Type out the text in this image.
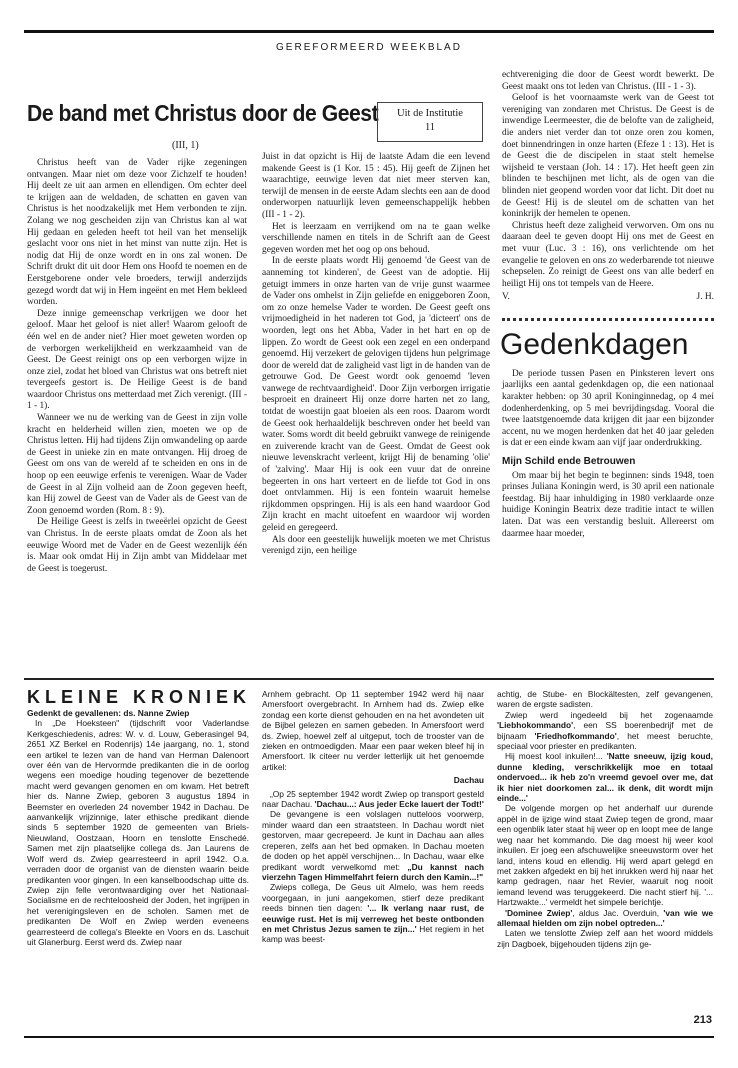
GEREFORMEERD WEEKBLAD
De band met Christus door de Geest	Uit de Institutie
11
(III, 1)

Christus heeft van de Vader rijke zegeningen ontvangen. Maar niet om deze voor Zichzelf te houden! Hij deelt ze uit aan armen en ellendigen. Om echter deel te krijgen aan de weldaden, de schatten en gaven van Christus is het noodzakelijk met Hem verbonden te zijn. Zolang we nog gescheiden zijn van Christus kan al wat Hij gedaan en geleden heeft tot heil van het menselijk geslacht voor ons niet in het minst van nutte zijn. Het is nodig dat Hij de onze wordt en in ons zal wonen. De Schrift drukt dit uit door Hem ons Hoofd te noemen en de Eerstgeborene onder vele broeders, terwijl anderzijds gezegd wordt dat wij in Hem ingeënt en met Hem bekleed worden.

Deze innige gemeenschap verkrijgen we door het geloof. Maar het geloof is niet aller! Waarom gelooft de één wel en de ander niet? Hier moet geweten worden op de verborgen werkelijkheid en werkzaamheid van de Geest. De Geest reinigt ons op een verborgen wijze in onze ziel, zodat het bloed van Christus wat ons betreft niet tevergeefs gestort is. De Heilige Geest is de band waardoor Christus ons metterdaad met Zich verenigt. (III - 1 - 1).

Wanneer we nu de werking van de Geest in zijn volle kracht en helderheid willen zien, moeten we op de Christus letten. Hij had tijdens Zijn omwandeling op aarde de Geest in unieke zin en mate ontvangen. Hij droeg de Geest om ons van de wereld af te scheiden en ons in de hoop op een eeuwige erfenis te verenigen. Waar de Vader de Geest in al Zijn volheid aan de Zoon gegeven heeft, kan Hij zowel de Geest van de Vader als de Geest van de Zoon genoemd worden (Rom. 8 : 9).

De Heilige Geest is zelfs in tweeërlei opzicht de Geest van Christus. In de eerste plaats omdat de Zoon als het eeuwige Woord met de Vader en de Geest wezenlijk één is. Maar ook omdat Hij in Zijn ambt van Middelaar met de Geest is toegerust.

Juist in dat opzicht is Hij de laatste Adam die een levend makende Geest is (1 Kor. 15 : 45). Hij geeft de Zijnen het waarachtige, eeuwige leven dat niet meer sterven kan, terwijl de mensen in de eerste Adam slechts een aan de dood onderworpen natuurlijk leven gemeenschappelijk hebben (III - 1 - 2).

Het is leerzaam en verrijkend om na te gaan welke verschillende namen en titels in de Schrift aan de Geest gegeven worden met het oog op ons behoud.

In de eerste plaats wordt Hij genoemd 'de Geest van de aanneming tot kinderen', de Geest van de adoptie. Hij getuigt immers in onze harten van de vrije gunst waarmee de Vader ons omhelst in Zijn geliefde en eniggeboren Zoon, om zo onze hemelse Vader te worden. De Geest geeft ons vrijmoedigheid in het naderen tot God, ja 'dicteert' ons de woorden, legt ons het Abba, Vader in het hart en op de lippen. Zo wordt de Geest ook een zegel en een onderpand genoemd. Hij verzekert de gelovigen tijdens hun pelgrimage door de wereld dat de zaligheid vast ligt in de handen van de getrouwe God. De Geest wordt ook genoemd 'leven vanwege de rechtvaardigheid'. Door Zijn verborgen irrigatie besproeit en draineert Hij onze dorre harten net zo lang, totdat de woestijn gaat bloeien als een roos. Daarom wordt de Geest ook herhaaldelijk beschreven onder het beeld van water. Soms wordt dit beeld gebruikt vanwege de reinigende en zuiverende kracht van de Geest. Omdat de Geest ook nieuwe levenskracht verleent, krijgt Hij de benaming 'olie' of 'zalving'. Maar Hij is ook een vuur dat de onreine begeerten in ons hart verteert en de liefde tot God in ons doet ontvlammen. Hij is een fontein waaruit hemelse rijkdommen opspringen. Hij is als een hand waardoor God Zijn kracht en macht uitoefent en waardoor wij worden geleid en geregeerd.

Als door een geestelijk huwelijk moeten we met Christus verenigd zijn, een heilige

echtvereniging die door de Geest wordt bewerkt. De Geest maakt ons tot leden van Christus. (III - 1 - 3).

Geloof is het voornaamste werk van de Geest tot vereniging van zondaren met Christus. De Geest is de inwendige Leermeester, die de belofte van de zaligheid, die anders niet verder dan tot onze oren zou komen, doet binnendringen in onze harten (Efeze 1 : 13). Het is de Geest die de discipelen in staat stelt hemelse wijsheid te verstaan (Joh. 14 : 17). Het heeft geen zin blinden te beschijnen met licht, als de ogen van die blinden niet geopend worden voor dat licht. Dit doet nu de Geest! Hij is de sleutel om de schatten van het koninkrijk der hemelen te openen.

Christus heeft deze zaligheid verworven. Om ons nu daaraan deel te geven doopt Hij ons met de Geest en met vuur (Luc. 3 : 16), ons verlichtende om het evangelie te geloven en ons zo wederbarende tot nieuwe schepselen. Zo reinigt de Geest ons van alle bederf en heiligt Hij ons tot tempels van de Heere.

V.	J. H.
Gedenkdagen

De periode tussen Pasen en Pinksteren levert ons jaarlijks een aantal gedenkdagen op, die een nationaal karakter hebben: op 30 april Koninginnedag, op 4 mei dodenherdenking, op 5 mei bevrijdingsdag. Vooral die twee laatstgenoemde data krijgen dit jaar een bijzonder accent, nu we mogen herdenken dat het 40 jaar geleden is dat er een einde kwam aan vijf jaar onderdrukking.

Mijn Schild ende Betrouwen

Om maar bij het begin te beginnen: sinds 1948, toen prinses Juliana Koningin werd, is 30 april een nationale feestdag. Bij haar inhuldiging in 1980 verklaarde onze huidige Koningin Beatrix deze traditie intact te willen laten. Dat was een verstandig besluit. Allereerst om daarmee haar moeder,

KLEINE KRONIEK

Gedenkt de gevallenen: ds. Nanne Zwiep

In „De Hoeksteen" (tijdschrift voor Vaderlandse Kerkgeschiedenis, adres: W. v. d. Louw, Geberasingel 94, 2651 XZ Berkel en Rodenrijs) 14e jaargang, no. 1, stond een artikel te lezen van de hand van Herman Dalenoort over één van de Hervormde predikanten die in de oorlog wegens een moedige houding tegenover de bezettende macht werd gevangen genomen en om kwam. Het betreft hier ds. Nanne Zwiep, geboren 3 augustus 1894 in Beemster en overleden 24 november 1942 in Dachau. De aanvankelijk vrijzinnige, later ethische predikant diende sinds 5 september 1920 de gemeenten van Briels-Nieuwland, Oostzaan, Hoorn en tenslotte Enschedé. Samen met zijn plaatselijke collega ds. Jan Laurens de Wolf werd ds. Zwiep gearresteerd in april 1942. O.a. verraden door de organist van de diensten waarin beide predikanten voor gingen. In een kanselboodschap uitte ds. Zwiep zijn felle verontwaardiging over het Nationaal-Socialisme en de rechteloosheid der Joden, het ingrijpen in het verenigingsleven en de scholen. Samen met de predikanten De Wolf en Zwiep werden eveneens gearresteerd de collega's Bleekte en Voors en ds. Laschuit uit Glanerburg. Eerst werd ds. Zwiep naar

Arnhem gebracht. Op 11 september 1942 werd hij naar Amersfoort overgebracht. In Arnhem had ds. Zwiep elke zondag een korte dienst gehouden en na het avondeten uit de Bijbel gelezen en samen gebeden. In Amersfoort werd ds. Zwiep, hoewel zelf al uitgeput, toch de trooster van de zieken en ontmoedigden. Maar een paar weken bleef hij in Amersfoort. Ik citeer nu verder letterlijk uit het genoemde artikel:

Dachau

„Op 25 september 1942 wordt Zwiep op transport gesteld naar Dachau. 'Dachau...: Aus jeder Ecke lauert der Todt!'

De gevangene is een volslagen nutteloos voorwerp, minder waard dan een straatsteen. In Dachau wordt niet gestorven, maar gecrepeerd. Je kunt in Dachau aan alles creperen, zelfs aan het bed opmaken. In Dachau moeten de doden op het appèl verschijnen... In Dachau, waar elke predikant wordt verwelkomd met: „Du kannst nach vierzehn Tagen Himmelfahrt feiern durch den Kamin...!"

Zwieps collega, De Geus uit Almelo, was hem reeds voorgegaan, in juni aangekomen, stierf deze predikant reeds binnen tien dagen: '... Ik verlang naar rust, de eeuwige rust. Het is mij verreweg het beste ontbonden en met Christus Jezus samen te zijn...' Het regiem in het kamp was beest-

achtig, de Stube- en Blockältesten, zelf gevangenen, waren de ergste sadisten.

Zwiep werd ingedeeld bij het zogenaamde 'Liebhokommando', een SS boerenbedrijf met de bijnaam 'Friedhofkommando', het meest beruchte, speciaal voor priester en predikanten.

Hij moest kool inkuilen!... 'Natte sneeuw, ijzig koud, dunne kleding, verschrikkelijk moe en totaal ondervoed... ik heb zo'n vreemd gevoel over me, dat ik hier niet doorkomen zal... ik denk, dit wordt mijn einde...'

De volgende morgen op het anderhalf uur durende appèl in de ijzige wind staat Zwiep tegen de grond, maar een ogenblik later staat hij weer op en loopt mee de lange weg naar het kommando. Die dag moest hij weer kool inkuilen. Er joeg een afschuwelijke sneeuwstorm over het land, intens koud en ellendig. Hij werd apart gelegd en met zakken afgedekt en bij het inrukken werd hij naar het kamp gedragen, naar het Revier, waaruit nog nooit iemand levend was teruggekeerd. Die nacht stierf hij. '... Hartzwakte...' vermeldt het simpele berichtje.

'Dominee Zwiep', aldus Jac. Overduin, 'van wie we allemaal hielden om zijn nobel optreden...'

Laten we tenslotte Zwiep zelf aan het woord middels zijn Dagboek, bijgehouden tijdens zijn ge-

213
